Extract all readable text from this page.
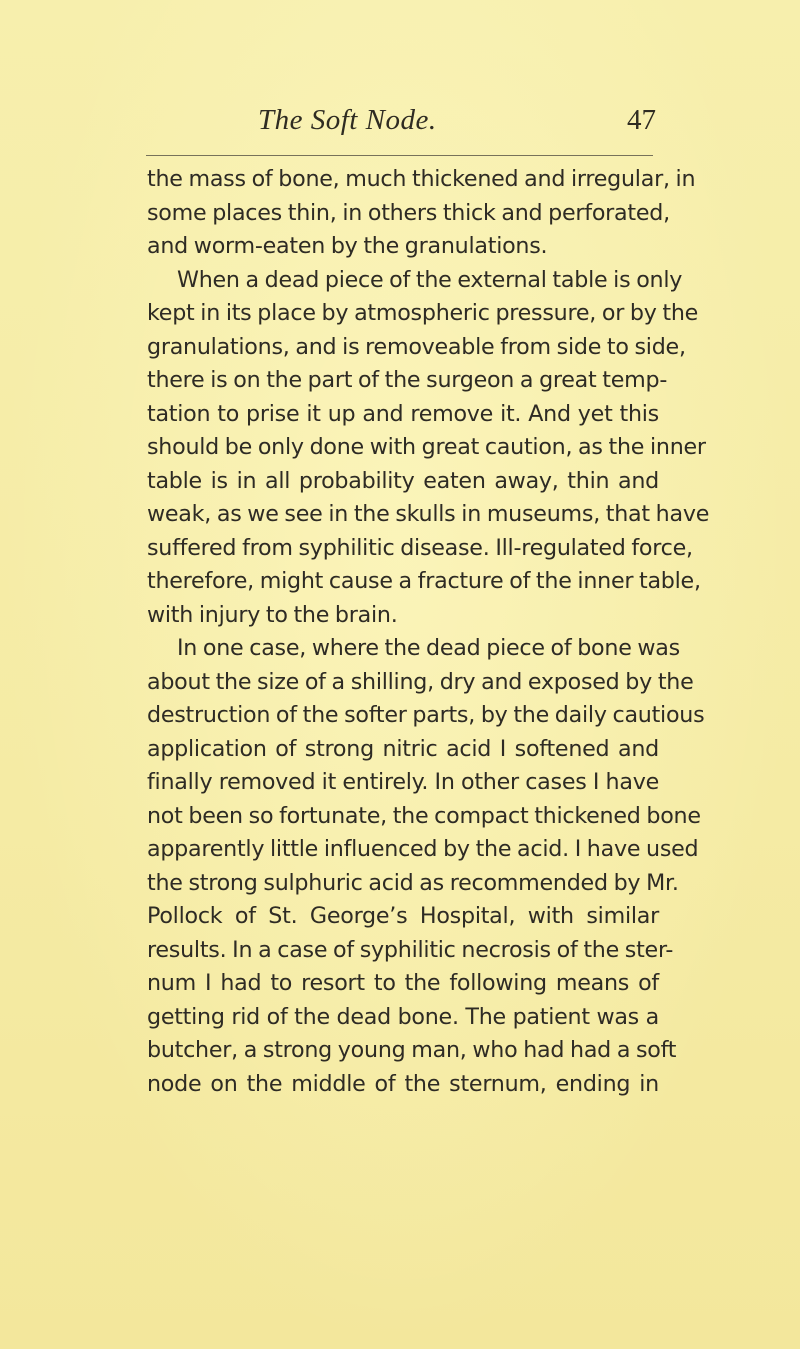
The Soft Node.	47
the mass of bone, much thickened and irregular, in
some places thin, in others thick and perforated,
and worm-eaten by the granulations.
When a dead piece of the external table is only
kept in its place by atmospheric pressure, or by the
granulations, and is removeable from side to side,
there is on the part of the surgeon a great temp-
tation to prise it up and remove it. And yet this
should be only done with great caution, as the inner
table is in all probability eaten away, thin and
weak, as we see in the skulls in museums, that have
suffered from syphilitic disease. Ill-regulated force,
therefore, might cause a fracture of the inner table,
with injury to the brain.
In one case, where the dead piece of bone was
about the size of a shilling, dry and exposed by the
destruction of the softer parts, by the daily cautious
application of strong nitric acid I softened and
finally removed it entirely. In other cases I have
not been so fortunate, the compact thickened bone
apparently little influenced by the acid. I have used
the strong sulphuric acid as recommended by Mr.
Pollock of St. George’s Hospital, with similar
results. In a case of syphilitic necrosis of the ster-
num I had to resort to the following means of
getting rid of the dead bone. The patient was a
butcher, a strong young man, who had had a soft
node on the middle of the sternum, ending in
